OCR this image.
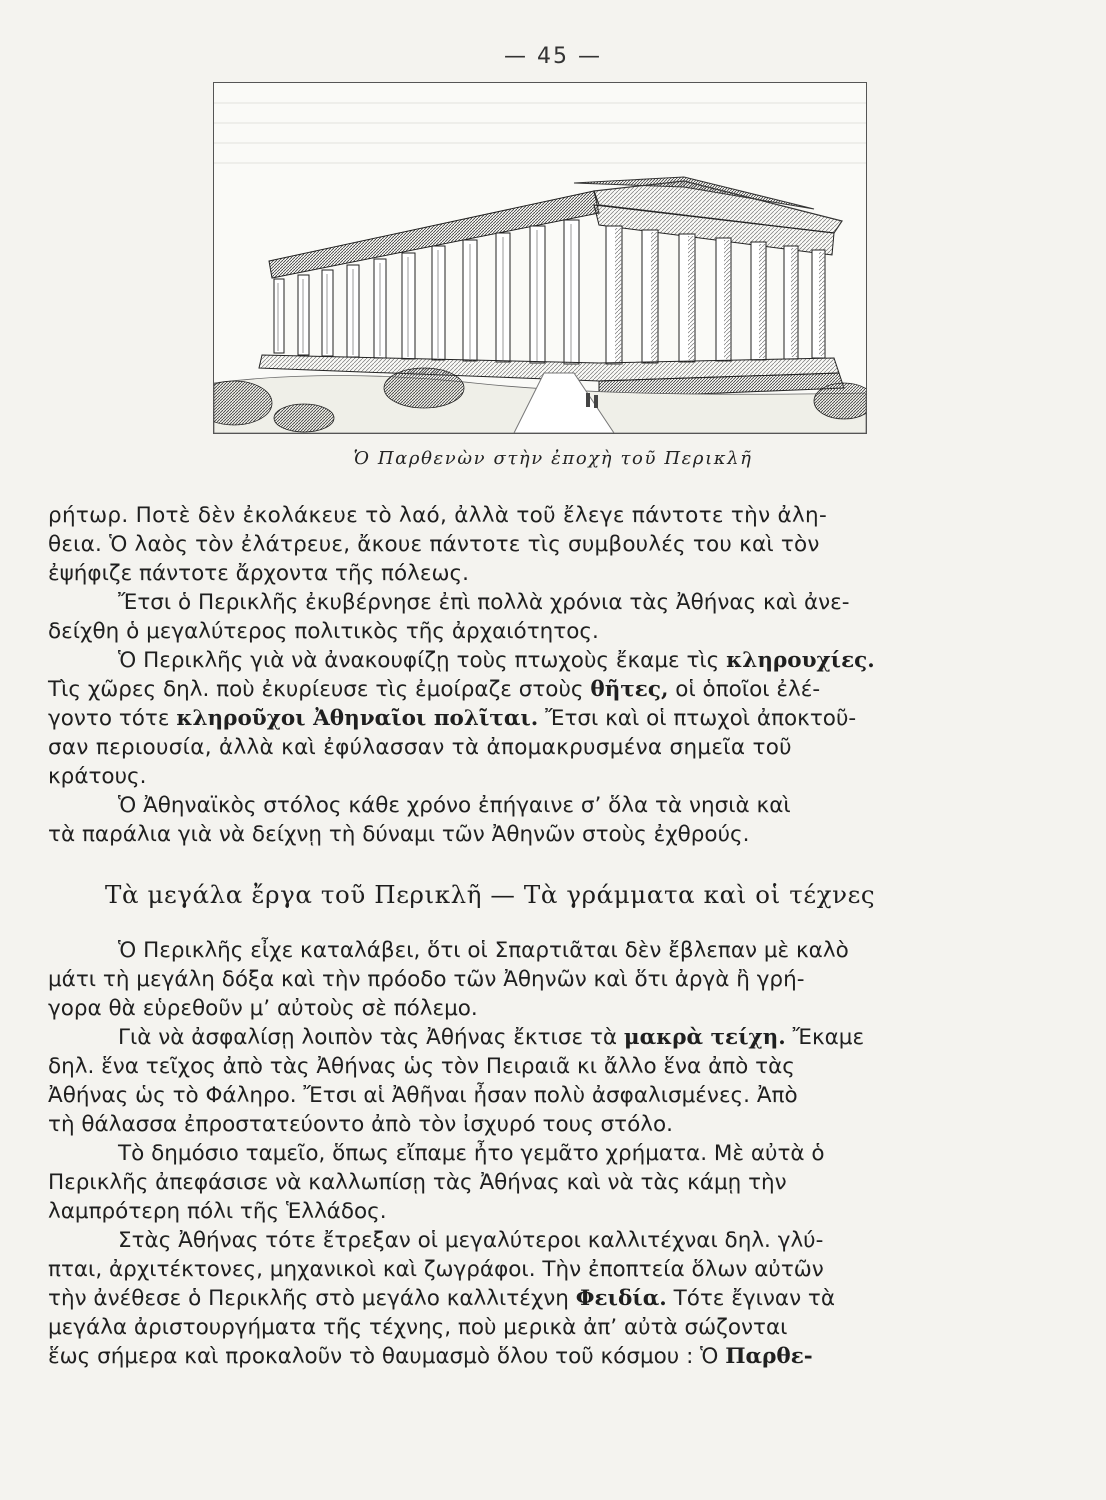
— 45 —
Ὁ Παρθενὼν στὴν ἐποχὴ τοῦ Περικλῆ
ρήτωρ. Ποτὲ δὲν ἐκολάκευε τὸ λαό, ἀλλὰ τοῦ ἔλεγε πάντοτε τὴν ἀλη-
θεια. Ὁ λαὸς τὸν ἐλάτρευε, ἄκουε πάντοτε τὶς συμβουλές του καὶ τὸν
ἐψήφιζε πάντοτε ἄρχοντα τῆς πόλεως.
Ἔτσι ὁ Περικλῆς ἐκυβέρνησε ἐπὶ πολλὰ χρόνια τὰς Ἀθήνας καὶ ἀνε-
δείχθη ὁ μεγαλύτερος πολιτικὸς τῆς ἀρχαιότητος.
Ὁ Περικλῆς γιὰ νὰ ἀνακουφίζῃ τοὺς πτωχοὺς ἔκαμε τὶς κληρουχίες.
Τὶς χῶρες δηλ. ποὺ ἐκυρίευσε τὶς ἐμοίραζε στοὺς θῆτες, οἱ ὁποῖοι ἐλέ-
γοντο τότε κληροῦχοι Ἀθηναῖοι πολῖται. Ἔτσι καὶ οἱ πτωχοὶ ἀποκτοῦ-
σαν περιουσία, ἀλλὰ καὶ ἐφύλασσαν τὰ ἀπομακρυσμένα σημεῖα τοῦ
κράτους.
Ὁ Ἀθηναϊκὸς στόλος κάθε χρόνο ἐπήγαινε σ’ ὅλα τὰ νησιὰ καὶ
τὰ παράλια γιὰ νὰ δείχνῃ τὴ δύναμι τῶν Ἀθηνῶν στοὺς ἐχθρούς.
Τὰ μεγάλα ἔργα τοῦ Περικλῆ — Τὰ γράμματα καὶ οἱ τέχνες
Ὁ Περικλῆς εἶχε καταλάβει, ὅτι οἱ Σπαρτιᾶται δὲν ἔβλεπαν μὲ καλὸ
μάτι τὴ μεγάλη δόξα καὶ τὴν πρόοδο τῶν Ἀθηνῶν καὶ ὅτι ἀργὰ ἢ γρή-
γορα θὰ εὑρεθοῦν μ’ αὐτοὺς σὲ πόλεμο.
Γιὰ νὰ ἀσφαλίσῃ λοιπὸν τὰς Ἀθήνας ἔκτισε τὰ μακρὰ τείχη. Ἔκαμε
δηλ. ἕνα τεῖχος ἀπὸ τὰς Ἀθήνας ὡς τὸν Πειραιᾶ κι ἄλλο ἕνα ἀπὸ τὰς
Ἀθήνας ὡς τὸ Φάληρο. Ἔτσι αἱ Ἀθῆναι ἦσαν πολὺ ἀσφαλισμένες. Ἀπὸ
τὴ θάλασσα ἐπροστατεύοντο ἀπὸ τὸν ἰσχυρό τους στόλο.
Τὸ δημόσιο ταμεῖο, ὅπως εἴπαμε ἦτο γεμᾶτο χρήματα. Μὲ αὐτὰ ὁ
Περικλῆς ἀπεφάσισε νὰ καλλωπίσῃ τὰς Ἀθήνας καὶ νὰ τὰς κάμῃ τὴν
λαμπρότερη πόλι τῆς Ἑλλάδος.
Στὰς Ἀθήνας τότε ἔτρεξαν οἱ μεγαλύτεροι καλλιτέχναι δηλ. γλύ-
πται, ἀρχιτέκτονες, μηχανικοὶ καὶ ζωγράφοι. Τὴν ἐποπτεία ὅλων αὐτῶν
τὴν ἀνέθεσε ὁ Περικλῆς στὸ μεγάλο καλλιτέχνη Φειδία. Τότε ἔγιναν τὰ
μεγάλα ἀριστουργήματα τῆς τέχνης, ποὺ μερικὰ ἀπ’ αὐτὰ σώζονται
ἕως σήμερα καὶ προκαλοῦν τὸ θαυμασμὸ ὅλου τοῦ κόσμου : Ὁ Παρθε-
